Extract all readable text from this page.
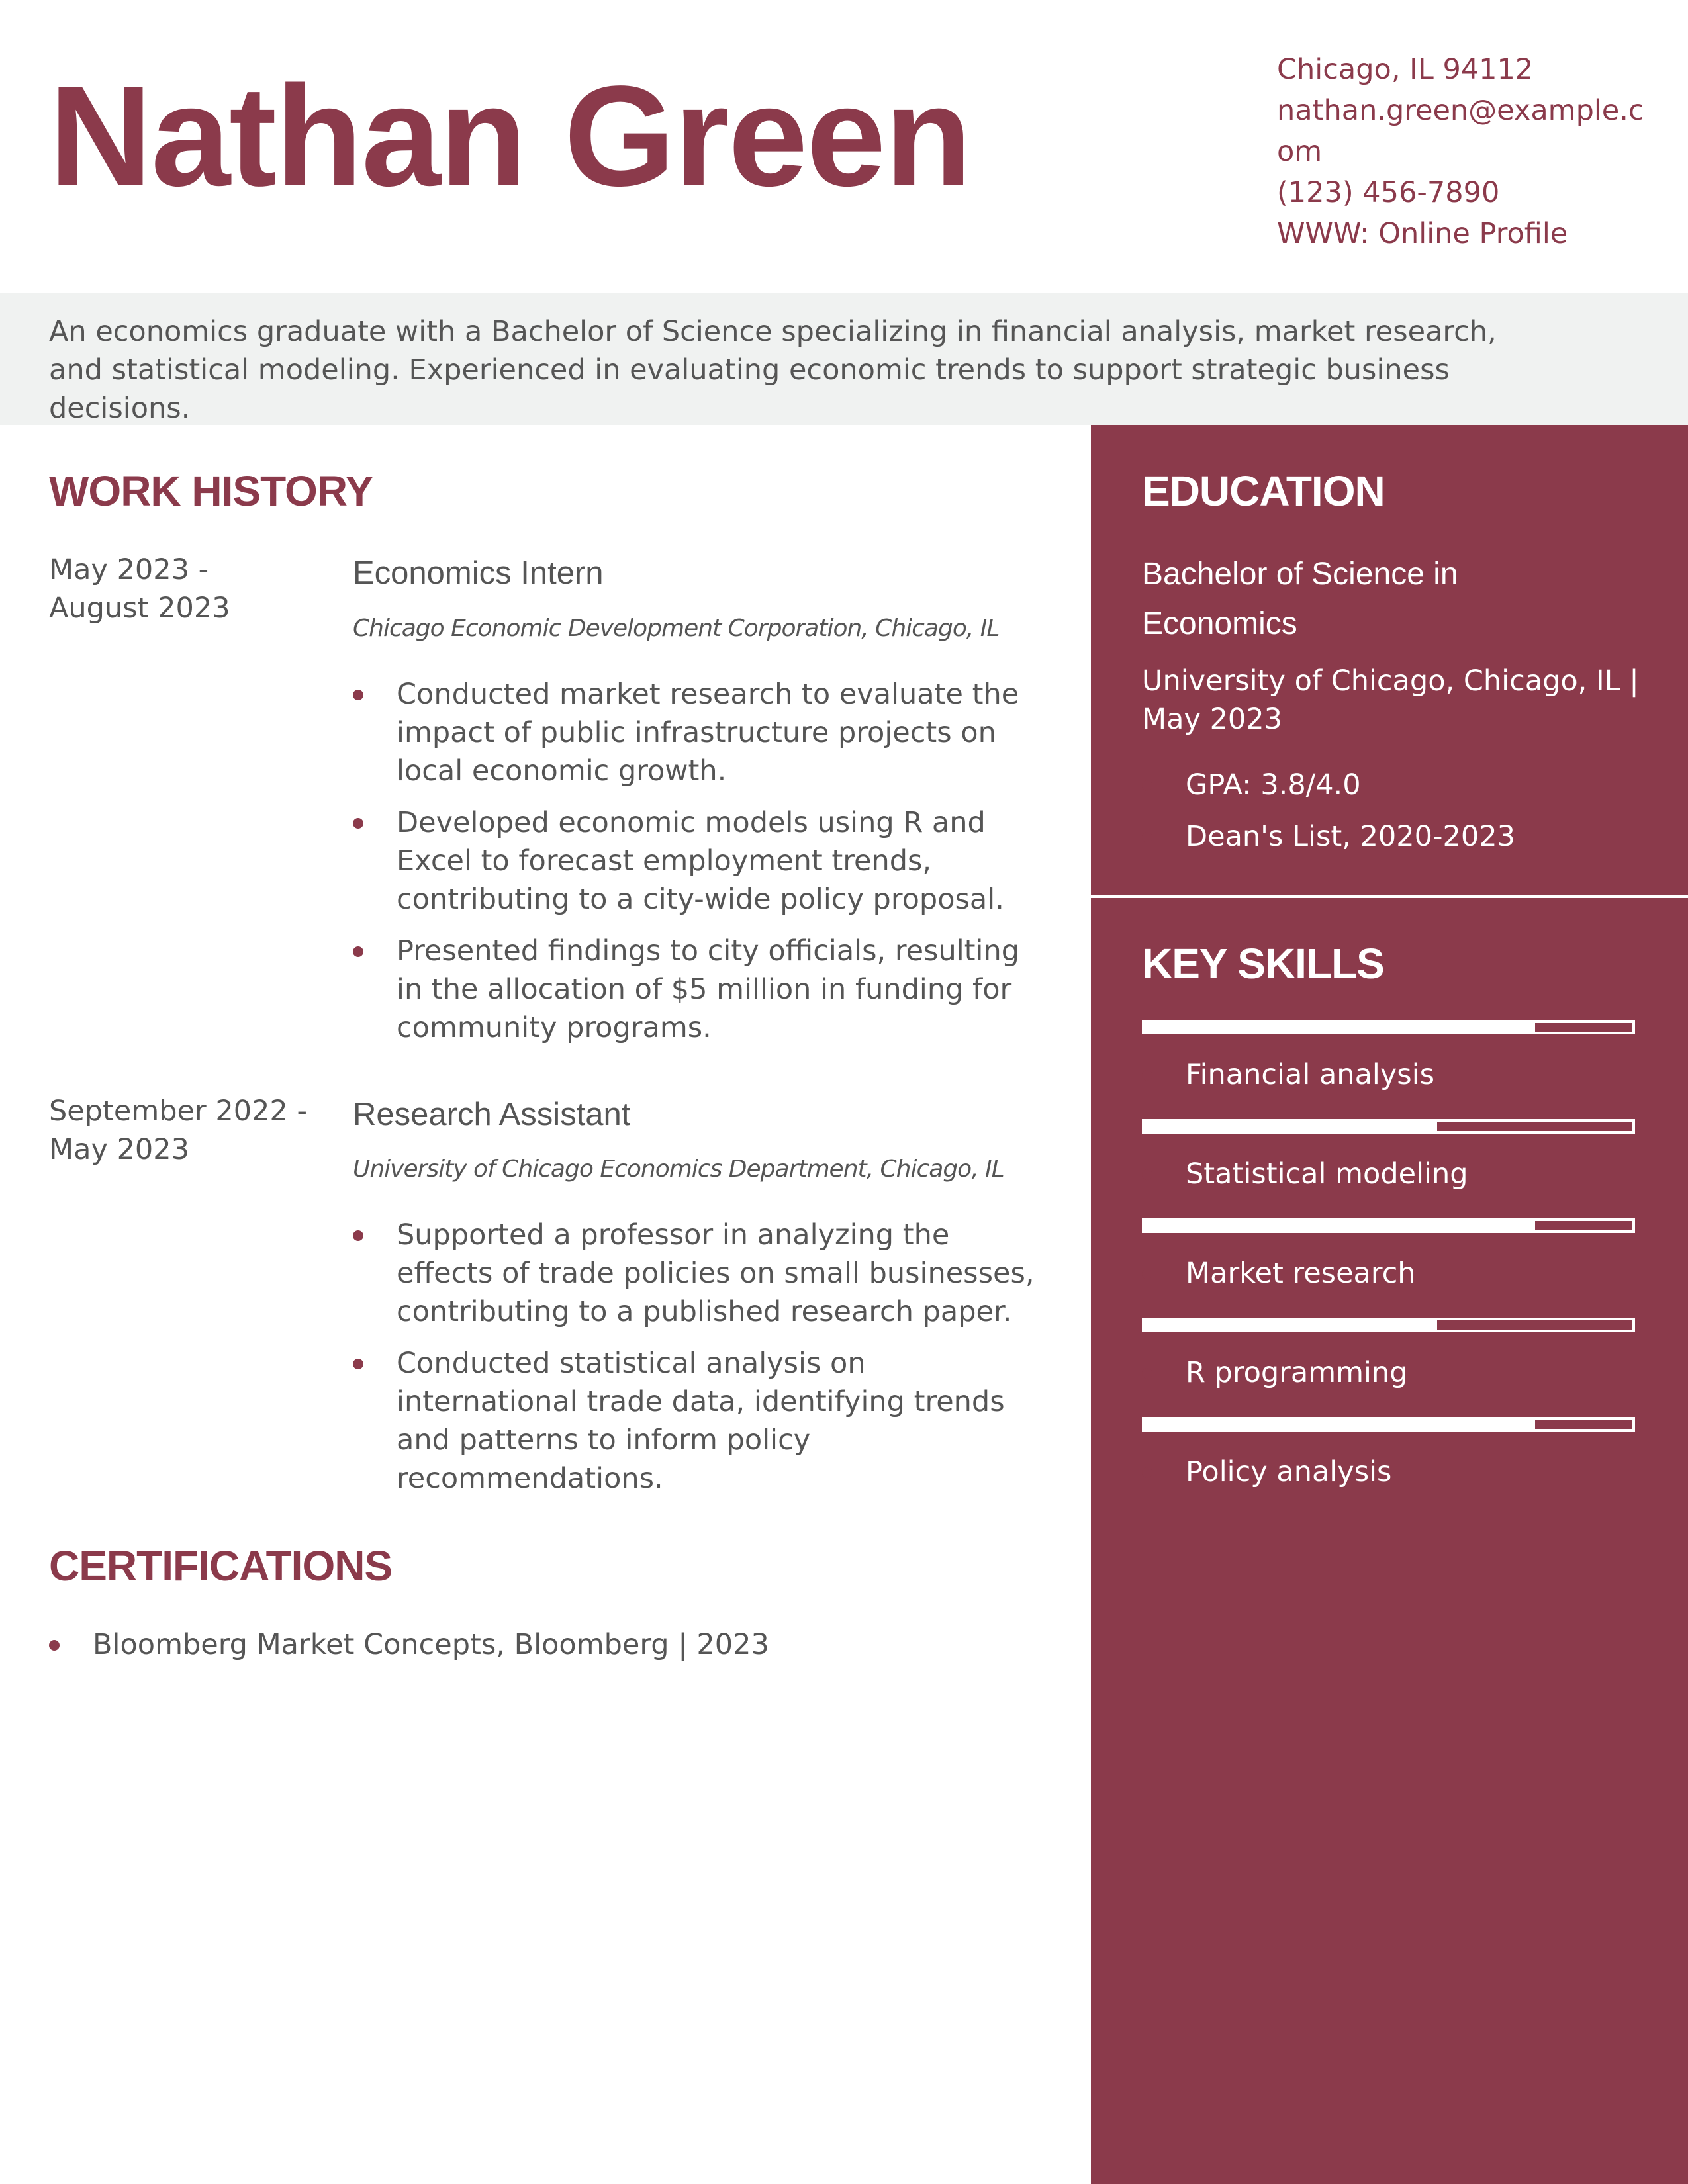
Nathan Green	Chicago, IL 94112
nathan.green@example.com
(123) 456-7890
WWW: Online Profile

An economics graduate with a Bachelor of Science specializing in financial analysis, market research, and statistical modeling. Experienced in evaluating economic trends to support strategic business decisions.

WORK HISTORY
May 2023 -
August 2023
Economics Intern
Chicago Economic Development Corporation, Chicago, IL
Conducted market research to evaluate the impact of public infrastructure projects on local economic growth.
Developed economic models using R and Excel to forecast employment trends, contributing to a city-wide policy proposal.
Presented findings to city officials, resulting in the allocation of $5 million in funding for community programs.
September 2022 -
May 2023
Research Assistant
University of Chicago Economics Department, Chicago, IL
Supported a professor in analyzing the effects of trade policies on small businesses, contributing to a published research paper.
Conducted statistical analysis on international trade data, identifying trends and patterns to inform policy recommendations.
CERTIFICATIONS
Bloomberg Market Concepts, Bloomberg | 2023
EDUCATION
Bachelor of Science in Economics
University of Chicago, Chicago, IL | May 2023
GPA: 3.8/4.0
Dean's List, 2020-2023
KEY SKILLS
Financial analysis
Statistical modeling
Market research
R programming
Policy analysis
